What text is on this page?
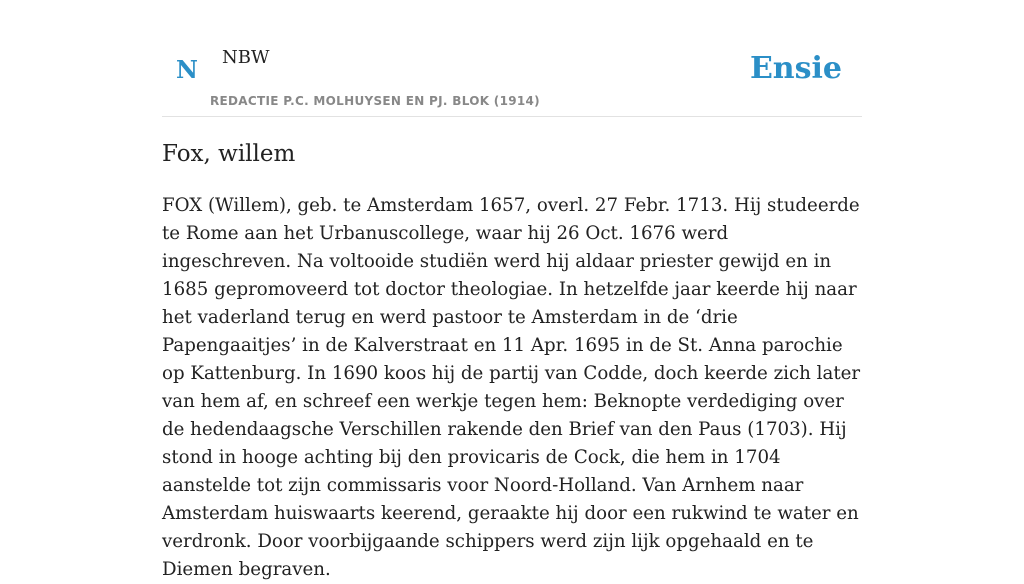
N NBW
REDACTIE P.C. MOLHUYSEN EN PJ. BLOK (1914)
Ensie
Fox, willem

FOX (Willem), geb. te Amsterdam 1657, overl. 27 Febr. 1713. Hij studeerde te Rome aan het Urbanuscollege, waar hij 26 Oct. 1676 werd ingeschreven. Na voltooide studiën werd hij aldaar priester gewijd en in 1685 gepromoveerd tot doctor theologiae. In hetzelfde jaar keerde hij naar het vaderland terug en werd pastoor te Amsterdam in de ‘drie Papengaaitjes’ in de Kalverstraat en 11 Apr. 1695 in de St. Anna parochie op Kattenburg. In 1690 koos hij de partij van Codde, doch keerde zich later van hem af, en schreef een werkje tegen hem: Beknopte verdediging over de hedendaagsche Verschillen rakende den Brief van den Paus (1703). Hij stond in hooge achting bij den provicaris de Cock, die hem in 1704 aanstelde tot zijn commissaris voor Noord-Holland. Van Arnhem naar Amsterdam huiswaarts keerend, geraakte hij door een rukwind te water en verdronk. Door voorbijgaande schippers werd zijn lijk opgehaald en te Diemen begraven.
